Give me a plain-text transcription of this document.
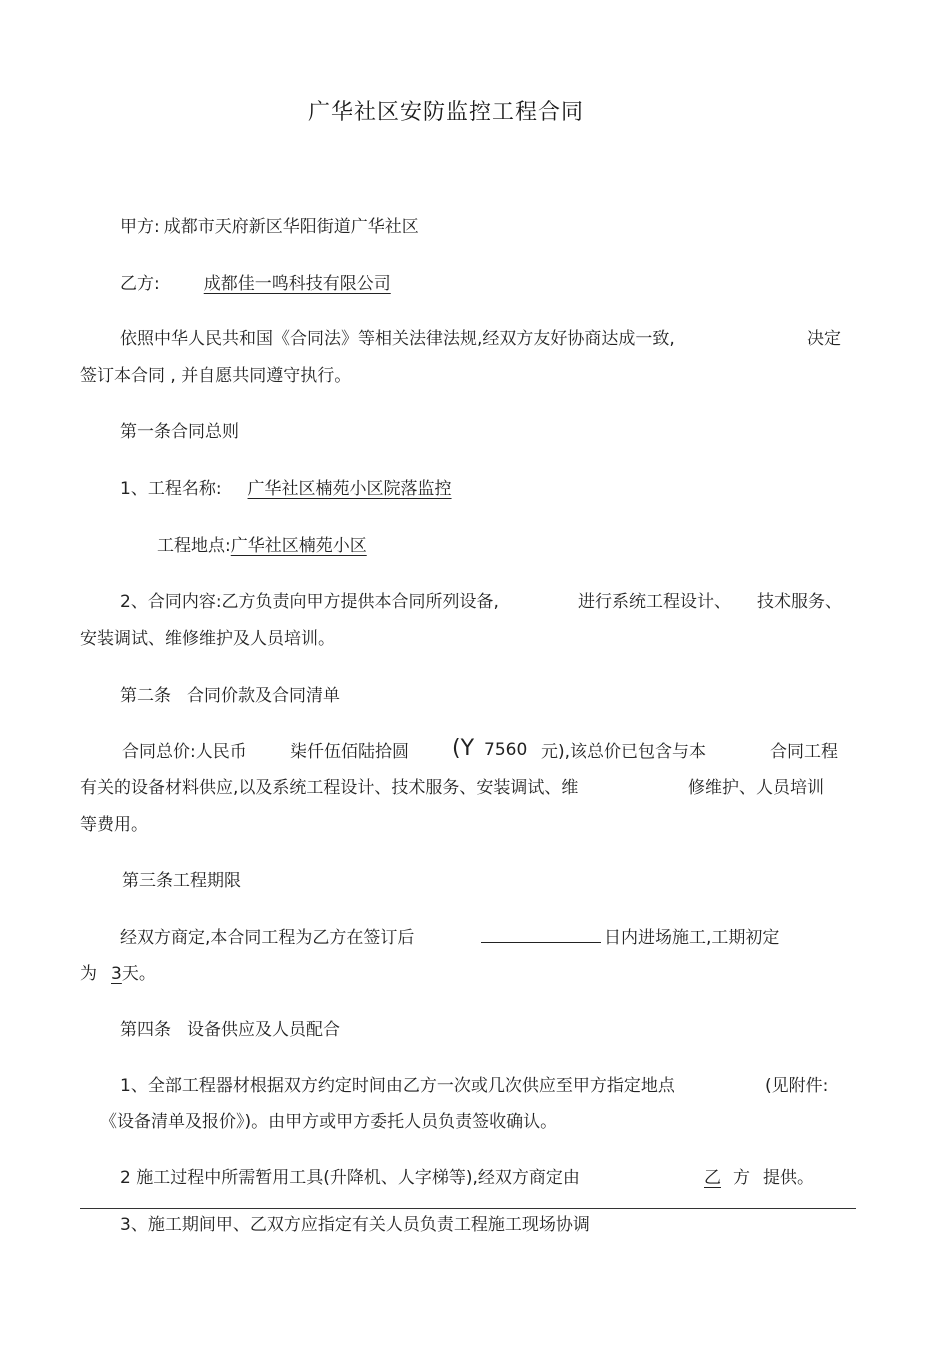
广华社区安防监控工程合同
甲方: 成都市天府新区华阳街道广华社区
乙方:	成都佳一鸣科技有限公司
依照中华人民共和国《合同法》等相关法律法规,经双方友好协商达成一致,	决定
签订本合同 , 并自愿共同遵守执行。
第一条合同总则
1、工程名称: 广华社区楠苑小区院落监控
工程地点:广华社区楠苑小区
2、合同内容:乙方负责向甲方提供本合同所列设备,	进行系统工程设计、 技术服务、
安装调试、维修维护及人员培训。
第二条 合同价款及合同清单
合同总价:人民币	柒仟伍佰陆拾圆 (Y 7560 元),该总价已包含与本	合同工程
有关的设备材料供应,以及系统工程设计、技术服务、安装调试、维	修维护、人员培训
等费用。
第三条工程期限
经双方商定,本合同工程为乙方在签订后	日内进场施工,工期初定
为 3天。
第四条 设备供应及人员配合
1、全部工程器材根据双方约定时间由乙方一次或几次供应至甲方指定地点	(见附件:
《设备清单及报价》)。由甲方或甲方委托人员负责签收确认。
2 施工过程中所需暂用工具(升降机、人字梯等),经双方商定由	乙 方 提供。
3、施工期间甲、乙双方应指定有关人员负责工程施工现场协调
